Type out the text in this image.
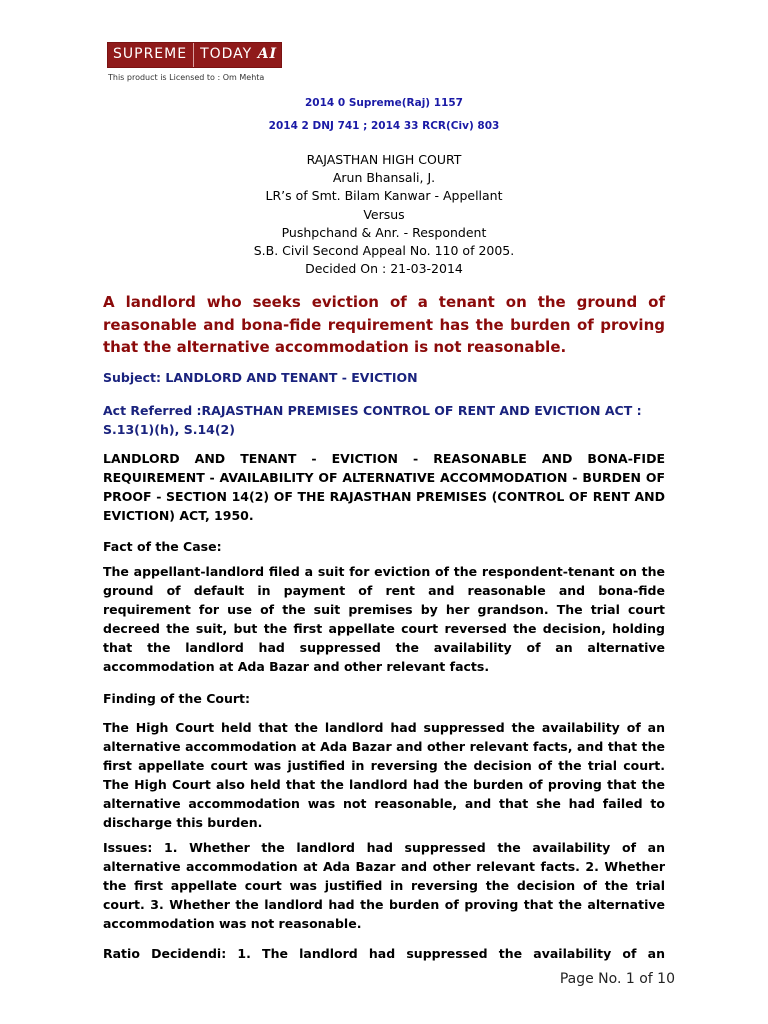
SUPREME TODAY AI
This product is Licensed to : Om Mehta
2014 0 Supreme(Raj) 1157
2014 2 DNJ 741 ; 2014 33 RCR(Civ) 803
RAJASTHAN HIGH COURT
Arun Bhansali, J.
LR’s of Smt. Bilam Kanwar - Appellant
Versus
Pushpchand & Anr. - Respondent
S.B. Civil Second Appeal No. 110 of 2005.
Decided On : 21-03-2014
A landlord who seeks eviction of a tenant on the ground of reasonable and bona-fide requirement has the burden of proving that the alternative accommodation is not reasonable.
Subject: LANDLORD AND TENANT - EVICTION
Act Referred :RAJASTHAN PREMISES CONTROL OF RENT AND EVICTION ACT : S.13(1)(h), S.14(2)
LANDLORD AND TENANT - EVICTION - REASONABLE AND BONA-FIDE REQUIREMENT - AVAILABILITY OF ALTERNATIVE ACCOMMODATION - BURDEN OF PROOF - SECTION 14(2) OF THE RAJASTHAN PREMISES (CONTROL OF RENT AND EVICTION) ACT, 1950.
Fact of the Case:
The appellant-landlord filed a suit for eviction of the respondent-tenant on the ground of default in payment of rent and reasonable and bona-fide requirement for use of the suit premises by her grandson. The trial court decreed the suit, but the first appellate court reversed the decision, holding that the landlord had suppressed the availability of an alternative accommodation at Ada Bazar and other relevant facts.
Finding of the Court:
The High Court held that the landlord had suppressed the availability of an alternative accommodation at Ada Bazar and other relevant facts, and that the first appellate court was justified in reversing the decision of the trial court. The High Court also held that the landlord had the burden of proving that the alternative accommodation was not reasonable, and that she had failed to discharge this burden.
Issues: 1. Whether the landlord had suppressed the availability of an alternative accommodation at Ada Bazar and other relevant facts. 2. Whether the first appellate court was justified in reversing the decision of the trial court. 3. Whether the landlord had the burden of proving that the alternative accommodation was not reasonable.
Ratio Decidendi: 1. The landlord had suppressed the availability of an
Page No. 1 of 10
